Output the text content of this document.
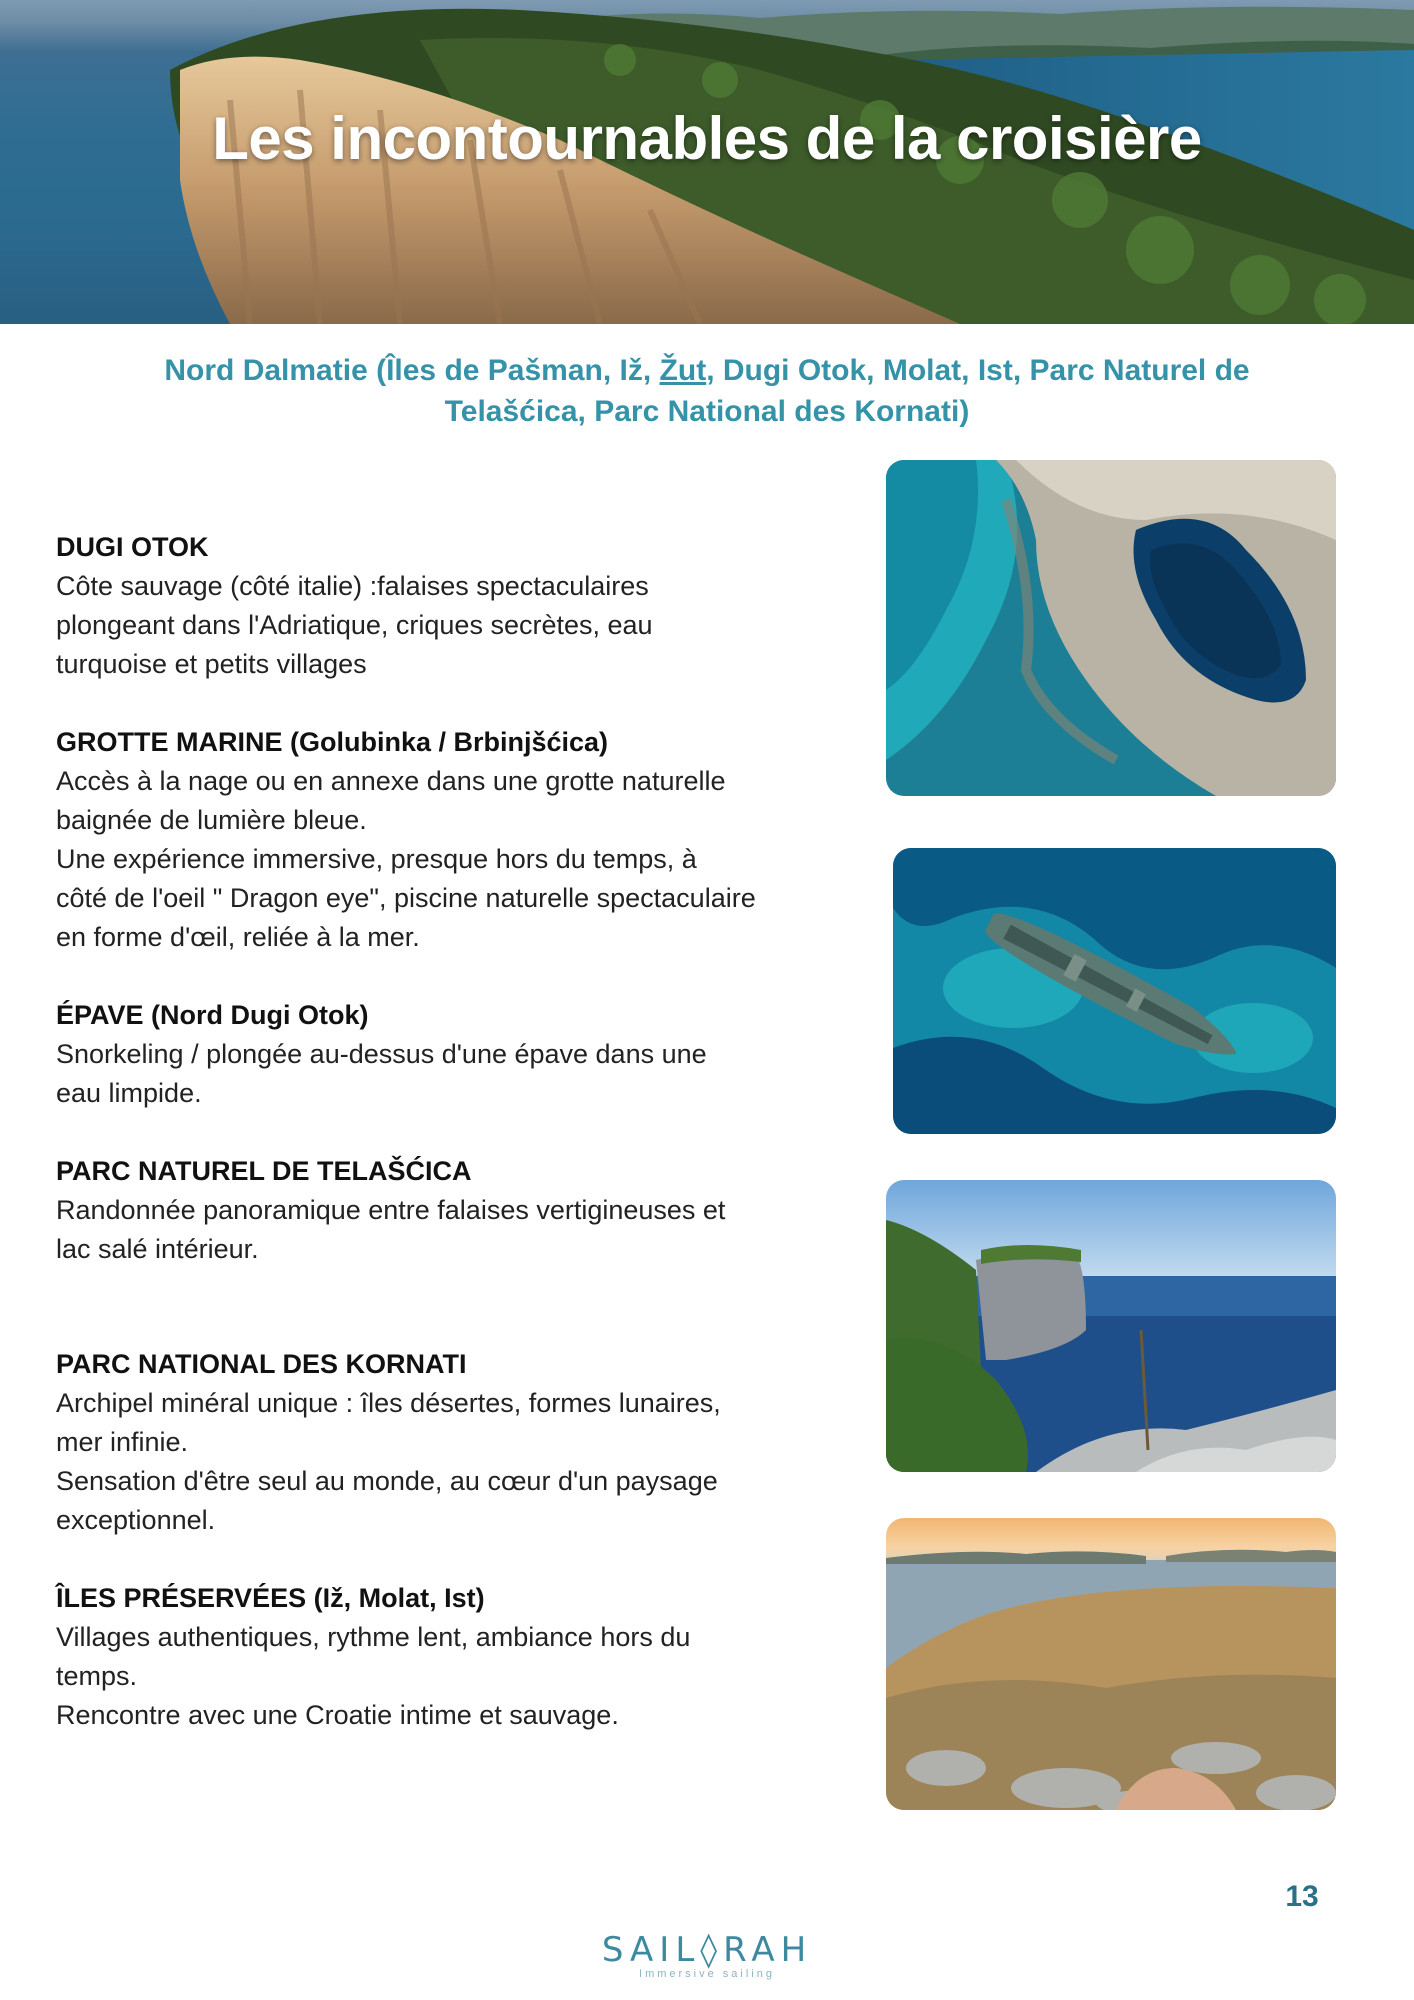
Les incontournables de la croisière
Nord Dalmatie (Îles de Pašman, Iž, Žut, Dugi Otok, Molat, Ist, Parc Naturel de Telašćica, Parc National des Kornati)
DUGI OTOK
Côte sauvage (côté italie) :falaises spectaculaires
plongeant dans l'Adriatique, criques secrètes, eau
turquoise et petits villages
GROTTE MARINE (Golubinka / Brbinjšćica)
Accès à la nage ou en annexe dans une grotte naturelle
baignée de lumière bleue.
Une expérience immersive, presque hors du temps, à
côté de l'oeil " Dragon eye", piscine naturelle spectaculaire
en forme d'œil, reliée à la mer.
ÉPAVE (Nord Dugi Otok)
Snorkeling / plongée au-dessus d'une épave dans une
eau limpide.
PARC NATUREL DE TELAŠĆICA
Randonnée panoramique entre falaises vertigineuses et
lac salé intérieur.
PARC NATIONAL DES KORNATI
Archipel minéral unique : îles désertes, formes lunaires,
mer infinie.
Sensation d'être seul au monde, au cœur d'un paysage
exceptionnel.
ÎLES PRÉSERVÉES (Iž, Molat, Ist)
Villages authentiques, rythme lent, ambiance hors du
temps.
Rencontre avec une Croatie intime et sauvage.
13
SAIL◊RAH
Immersive sailing
